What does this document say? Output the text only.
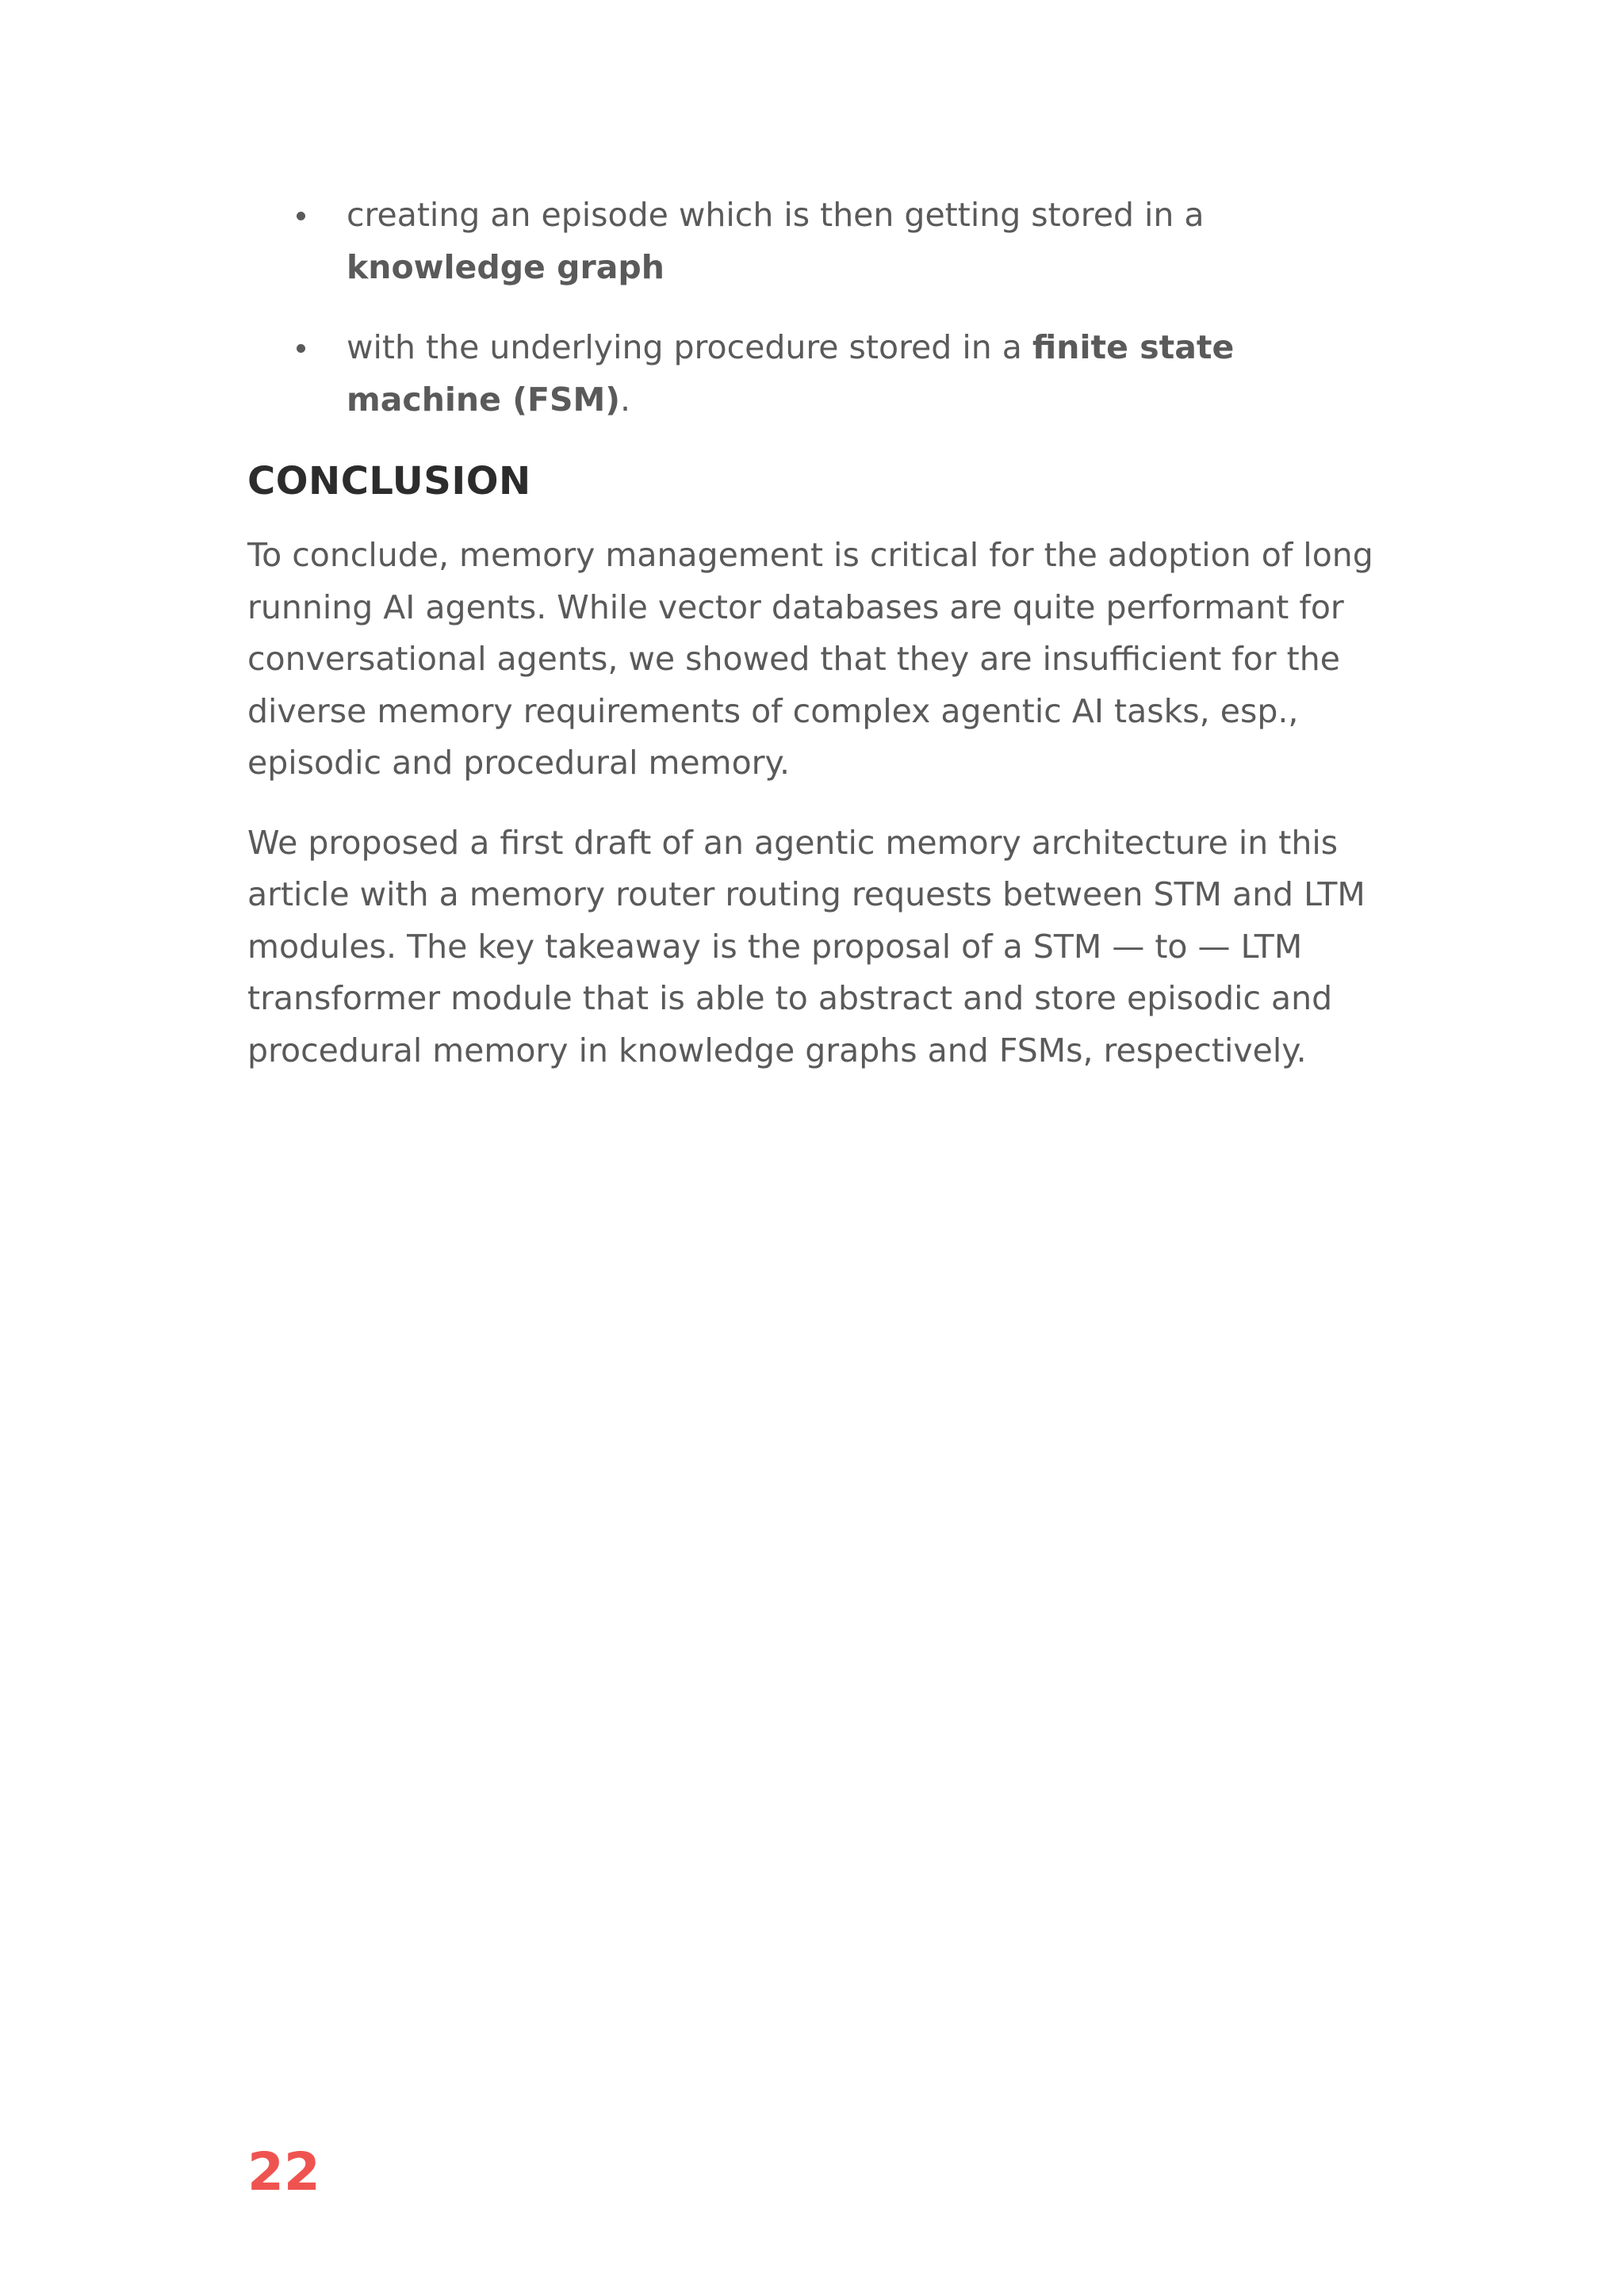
creating an episode which is then getting stored in a knowledge graph
with the underlying procedure stored in a finite state machine (FSM).
CONCLUSION

To conclude, memory management is critical for the adoption of long running AI agents. While vector databases are quite performant for conversational agents, we showed that they are insufficient for the diverse memory requirements of complex agentic AI tasks, esp., episodic and procedural memory.

We proposed a first draft of an agentic memory architecture in this article with a memory router routing requests between STM and LTM modules. The key takeaway is the proposal of a STM — to — LTM transformer module that is able to abstract and store episodic and procedural memory in knowledge graphs and FSMs, respectively.

22
